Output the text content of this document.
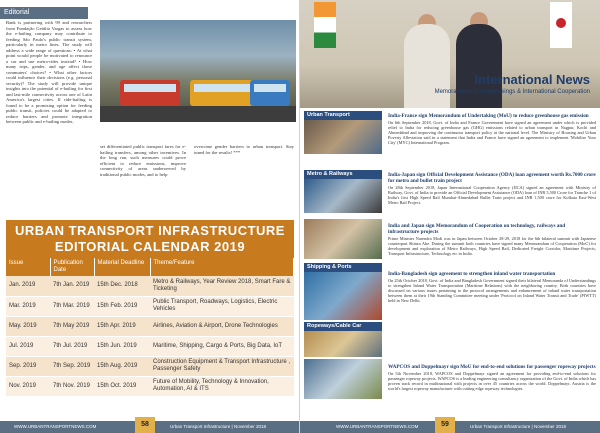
Editorial

Bank is partnering with 99 and researchers from Fundação Getúlio Vargas to assess how the e-hailing company may contribute to feeding São Paulo's public transit system, particularly in metro lines. The study will address a wide range of questions: • At what point would people be motivated to renounce a car and use metro-rides instead? • How many trips, gender, and age affect those commuters' choices? • What other factors could influence their decisions (e.g. personal security)? The study will provide unique insights into the potential of e-hailing for first and last-mile connectivity across one of Latin America's largest cities. If ride-hailing is found to be a promising option for feeding public transit, policies could be adapted to reduce barriers and promote integration between public and e-hailing modes,

set differentiated public transport fares for e-hailing transfers, among other incentives. In the long run, such measures could prove efficient to reduce emissions, improve connectivity of areas underserved by traditional public modes, and to help

overcome gender barriers to urban transport. Stay tuned for the results! ***

URBAN TRANSPORT INFRASTRUCTURE
EDITORIAL CALENDAR 2019
Issue	Publication Date	Material Deadline	Theme/Feature
Jan. 2019	7th Jan. 2019	15th Dec. 2018	Metro & Railways, Year Review 2018, Smart Fare & Ticketing
Mar. 2019	7th Mar. 2019	15th Feb. 2019	Public Transport, Roadways, Logistics, Electric Vehicles
May. 2019	7th May 2019	15th Apr. 2019	Airlines, Aviation & Airport, Drone Technologies
Jul. 2019	7th Jul. 2019	15th Jun. 2019	Maritime, Shipping, Cargo & Ports, Big Data, IoT
Sep. 2019	7th Sep. 2019	15th Aug. 2019	Construction Equipment & Transport Infrastructure , Passenger Safety
Nov. 2019	7th Nov. 2019	15th Oct. 2019	Future of Mobility, Technology & Innovation, Automation, AI & ITS
WWW.URBANTRANSPORTNEWS.COM	58	Urban Transport Infrastructure | November 2018
International News
Memorandum of Undertakings & International Cooperation
Urban Transport
Metro & Railways
Shipping & Ports
Ropeways/Cable Car
India-France sign Memorandum of Undertaking (MoU) to reduce greenhouse gas emission
On 6th September 2018, Govt. of India and France Government have signed an agreement under which is provided relief to India for reducing greenhouse gas (GHG) emissions related to urban transport in Nagpur, Kochi and Ahmedabad and improving the continuous transport policy at the national level. The Ministry of Housing and Urban Poverty Alleviation said in a statement that India and France have signed an agreement to implement 'Mobilise Your City' (MYC) International Program.
India-Japan sign Official Development Assistance (ODA) loan agreement worth Rs.7000 crore for metro and bullet train project
On 28th September 2018, Japan International Cooperation Agency (JICA) signed an agreement with Ministry of Railway, Govt. of India to provide an Official Development Assistance (ODA) loan of INR 5,500 Crore for Tranche 1 of India's first High Speed Rail Mumbai-Ahmedabad Bullet Train project and INR 1,500 crore for Kolkata East-West Metro Rail Project.
India and Japan sign Memorandum of Cooperation on technology, railways and infrastructure projects
Prime Minister Narendra Modi was in Japan between October 28-29, 2018 for the 6th bilateral summit with Japanese counterpart Shinzo Abe. During the summit both countries have signed many Memorandum of Cooperation (MoC) for development and exploration of Metro Railways, High Speed Rail, Dedicated Freight Corridor, Maritime Projects, Transport Infrastructure, Technology etc in India.
India-Bangladesh sign agreement to strengthen inland water transportation
On 25th October 2018, Govt. of India and Bangladesh Government signed their bilateral Memoranda of Understandings to strengthen Inland Water Transportation (Maritime Relations) with the neighboring country. Both countries have discussed on various issues pertaining to the protocol arrangements and enhancement of inland water transportation between them at their 19th Standing Committee meeting under 'Protocol on Inland Water Transit and Trade' (PIWTT) held in New Delhi.
WAPCOS and Doppelmayr sign MoU for end-to-end solutions for passenger ropeway projects
On 5th November 2018, WAPCOS and Doppelmayr signed an agreement for providing end-to-end solutions for passenger ropeway projects. WAPCOS is a leading engineering consultancy organization of the Govt. of India which has proven track record in multinational with projects in over 45 countries across the world. Doppelmayr, Austria is the world's largest ropeway manufacturer with cutting edge ropeway technologies.
WWW.URBANTRANSPORTNEWS.COM	59	Urban Transport Infrastructure | November 2018
